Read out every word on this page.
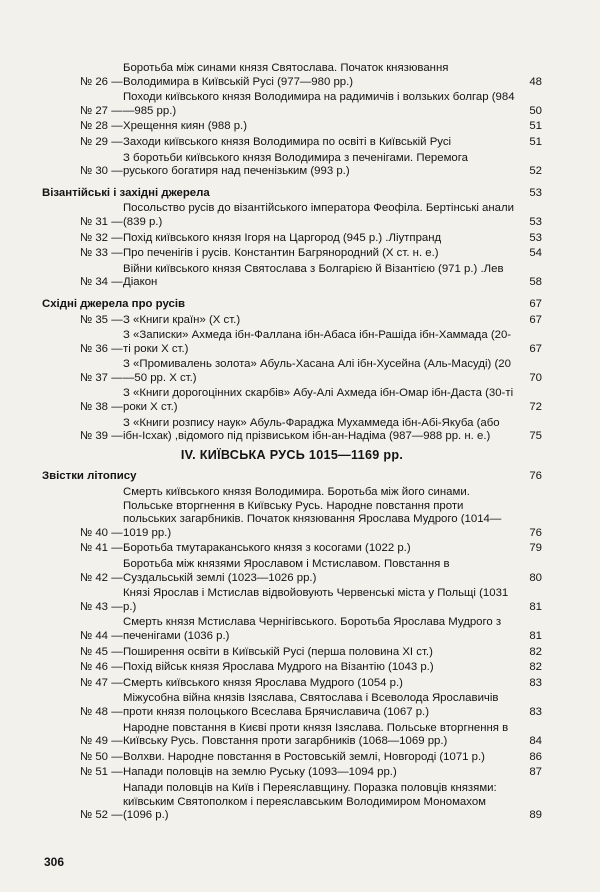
№ 26 —
Боротьба між синами князя Святослава. Початок князювання Володимира в Київській Русі (977—980 рр.)	48
№ 27 —
Походи київського князя Володимира на радимичів і волзьких болгар (984—985 рр.)	50
№ 28 — Хрещення киян (988 р.)	51
№ 29 — Заходи київського князя Володимира по освіті в Київській Русі	51
№ 30 —
З боротьби київського князя Володимира з печенігами. Перемога руського богатиря над печенізьким (993 р.)	52
Візантійські і західні джерела	53
№ 31 —
Посольство русів до візантійського імператора Феофіла. Бертінські анали (839 р.)	53
№ 32 — Похід київського князя Ігоря на Царгород (945 р.) .Ліутпранд	53
№ 33 — Про печенігів і русів. Константин Багрянородний (Х ст. н. е.)	54
№ 34 —
Війни київського князя Святослава з Болгарією й Візантією (971 р.) .Лев Діакон	58
Східні джерела про русів	67
№ 35 — З «Книги країн» (Х ст.)	67
№ 36 —
З «Записки» Ахмеда ібн-Фаллана ібн-Абаса ібн-Рашіда ібн-Хаммада (20-ті роки Х ст.)	67
№ 37 —
З «Промивалень золота» Абуль-Хасана Алі ібн-Хусейна (Аль-Масуді) (20—50 рр. Х ст.)	70
№ 38 —
З «Книги дорогоцінних скарбів» Абу-Алі Ахмеда ібн-Омар ібн-Даста (30-ті роки Х ст.)	72
№ 39 —
З «Книги розпису наук» Абуль-Фараджа Мухаммеда ібн-Абі-Якуба (або ібн-Ісхак) ,відомого під прізвиськом ібн-ан-Надіма (987—988 рр. н. е.)	75
IV. КИЇВСЬКА РУСЬ 1015—1169 рр.
Звістки літопису	76
№ 40 —
Смерть київського князя Володимира. Боротьба між його синами. Польське вторгнення в Київську Русь. Народне повстання проти польських загарбників. Початок князювання Ярослава Мудрого (1014—1019 рр.)	76
№ 41 — Боротьба тмутараканського князя з косогами (1022 р.)	79
№ 42 —
Боротьба між князями Ярославом і Мстиславом. Повстання в Суздальській землі (1023—1026 рр.)	80
№ 43 —
Князі Ярослав і Мстислав відвойовують Червенські міста у Польщі (1031 р.)	81
№ 44 —
Смерть князя Мстислава Чернігівського. Боротьба Ярослава Мудрого з печенігами (1036 р.)	81
№ 45 — Поширення освіти в Київській Русі (перша половина ХІ ст.)	82
№ 46 — Похід військ князя Ярослава Мудрого на Візантію (1043 р.)	82
№ 47 — Смерть київського князя Ярослава Мудрого (1054 р.)	83
№ 48 —
Міжусобна війна князів Ізяслава, Святослава і Всеволода Ярославичів проти князя полоцького Всеслава Брячиславича (1067 р.)	83
№ 49 —
Народне повстання в Києві проти князя Ізяслава. Польське вторгнення в Київську Русь. Повстання проти загарбників (1068—1069 рр.)	84
№ 50 — Волхви. Народне повстання в Ростовській землі, Новгороді (1071 р.)	86
№ 51 — Напади половців на землю Руську (1093—1094 рр.)	87
№ 52 —
Напади половців на Київ і Переяславщину. Поразка половців князями: київським Святополком і переяславським Володимиром Мономахом (1096 р.)	89
306
